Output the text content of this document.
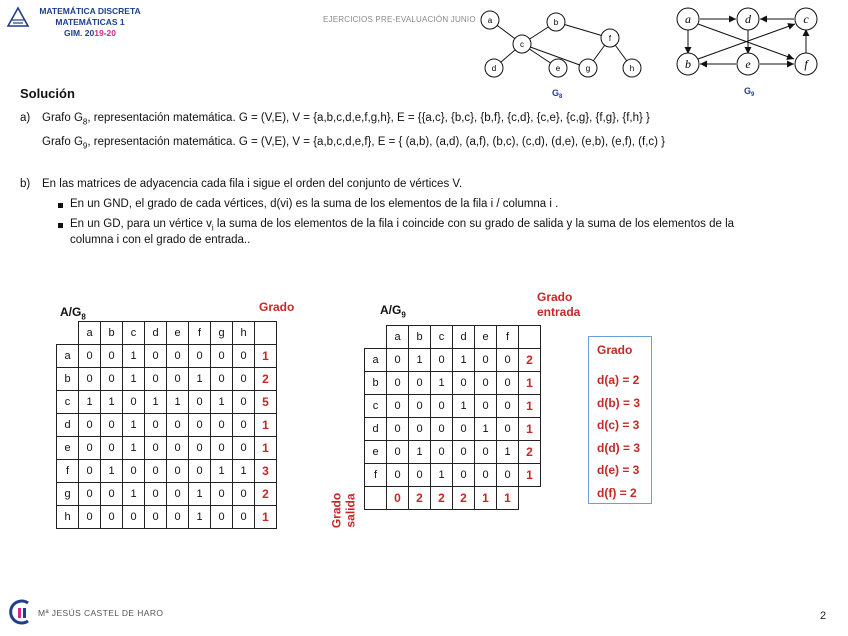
MATEMÁTICA DISCRETA
MATEMÁTICAS 1
GIM. 2019-20
EJERCICIOS PRE-EVALUACIÓN JUNIO a	b
c
d	e
f
g	h
$G_8$
a
b
c
d
e	f
$G_9$
Solución
a) Grafo $G_8$, representación matemática. G = (V,E), V = {a,b,c,d,e,f,g,h}, E = {{a,c}, {b,c}, {b,f}, {c,d}, {c,e}, {c,g}, {f,g}, {f,h} }
Grafo $G_9$, representación matemática. G = (V,E), V = {a,b,c,d,e,f}, E = { (a,b), (a,d), (a,f), (b,c), (c,d), (d,e), (e,b), (e,f), (f,c) }
b) En las matrices de adyacencia cada fila i sigue el orden del conjunto de vértices V.
En un GND, el grado de cada vértices, d(vi) es la suma de los elementos de la fila i / columna i .
En un GD, para un vértice $v_i$ la suma de los elementos de la fila i coincide con su grado de salida y la suma de los elementos de la
columna i con el grado de entrada..
$A/G_8$
Grado
	a	b	c	d	e	f	g	h	
a	0	0	1	0	0	0	0	0	1
b	0	0	1	0	0	1	0	0	2
c	1	1	0	1	1	0	1	0	5
d	0	0	1	0	0	0	0	0	1
e	0	0	1	0	0	0	0	0	1
f	0	1	0	0	0	0	1	1	3
g	0	0	1	0	0	1	0	0	2
h	0	0	0	0	0	1	0	0	1
$A/G_9$
Grado
entrada
Grado salida
	a	b	c	d	e	f	
a	0	1	0	1	0	0	2
b	0	0	1	0	0	0	1
c	0	0	0	1	0	0	1
d	0	0	0	0	1	0	1
e	0	1	0	0	0	1	2
f	0	0	1	0	0	0	1
	0	2	2	2	1	1	
Grado
d(a) = 2
d(b) = 3
d(c) = 3
d(d) = 3
d(e) = 3
d(f) = 2
Mª JESÚS CASTEL DE HARO	2
